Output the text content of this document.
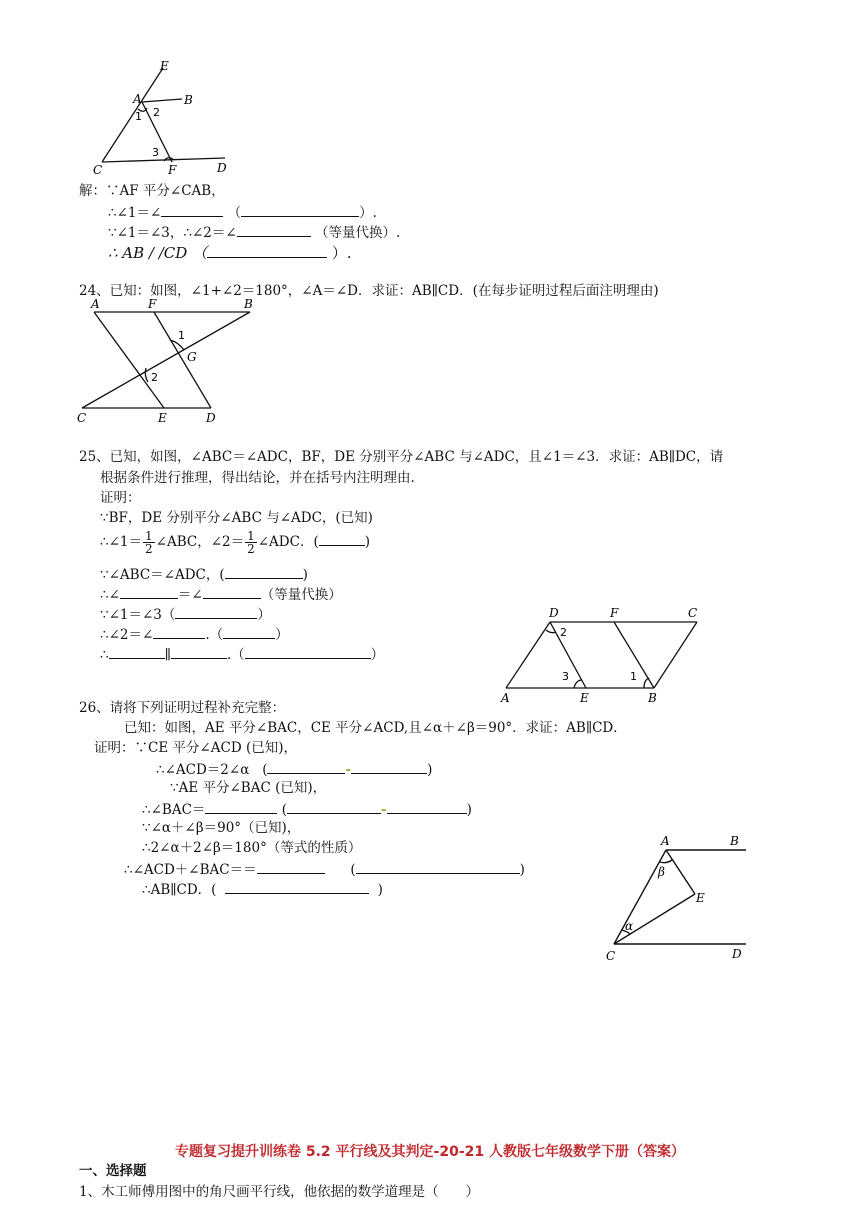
E
A	B
1 2
3
C	F	D
解：∵AF 平分∠CAB，
∴∠1＝∠	（	）.
∵∠1＝∠3，∴∠2＝∠	（等量代换）.
∴ AB / /CD （	）.
24、已知：如图，∠1+∠2＝180°，∠A＝∠D．求证：AB∥CD．(在每步证明过程后面注明理由)
A	F	B
1
G
2
C	E	D
25、已知，如图，∠ABC＝∠ADC，BF，DE 分别平分∠ABC 与∠ADC，且∠1＝∠3．求证：AB∥DC，请
根据条件进行推理，得出结论，并在括号内注明理由.
证明：
∵BF，DE 分别平分∠ABC 与∠ADC，(已知)
∴∠1＝ $\frac{1}{2}$ ∠ABC，∠2＝ $\frac{1}{2}$ ∠ADC．(	)
∵∠ABC＝∠ADC，(	)
∴∠	＝∠	（等量代换）
∵∠1＝∠3（	）
∴∠2＝∠	.（	）
∴	∥	.（	）
D	F	C
2
3	1
A	E	B
26、请将下列证明过程补充完整：
已知：如图，AE 平分∠BAC，CE 平分∠ACD,且∠α＋∠β＝90°．求证：AB∥CD．
证明：∵CE 平分∠ACD (已知)，
∴∠ACD＝2∠α (	-	)
∵AE 平分∠BAC (已知)，
∴∠BAC＝	(	-	)
∵∠α＋∠β＝90°（已知)，
∴2∠α＋2∠β＝180°（等式的性质）
∴∠ACD＋∠BAC＝＝	(	)
∴AB∥CD．(	)
A	B
β
E
α
C	D
专题复习提升训练卷 5.2 平行线及其判定-20-21 人教版七年级数学下册（答案）
一、选择题
1、木工师傅用图中的角尺画平行线，他依据的数学道理是（　　）
